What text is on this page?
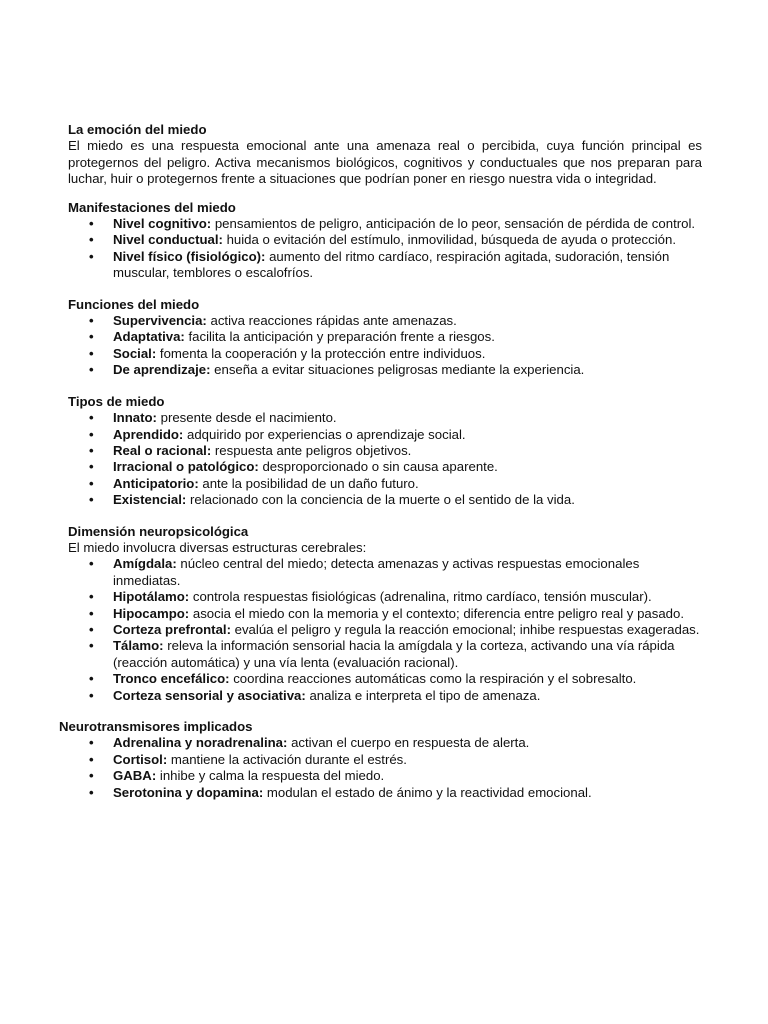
La emoción del miedo

El miedo es una respuesta emocional ante una amenaza real o percibida, cuya función principal es protegernos del peligro. Activa mecanismos biológicos, cognitivos y conductuales que nos preparan para luchar, huir o protegernos frente a situaciones que podrían poner en riesgo nuestra vida o integridad.

Manifestaciones del miedo

• Nivel cognitivo: pensamientos de peligro, anticipación de lo peor, sensación de pérdida de control.
• Nivel conductual: huida o evitación del estímulo, inmovilidad, búsqueda de ayuda o protección.
• Nivel físico (fisiológico): aumento del ritmo cardíaco, respiración agitada, sudoración, tensión muscular, temblores o escalofríos.

Funciones del miedo

• Supervivencia: activa reacciones rápidas ante amenazas.
• Adaptativa: facilita la anticipación y preparación frente a riesgos.
• Social: fomenta la cooperación y la protección entre individuos.
• De aprendizaje: enseña a evitar situaciones peligrosas mediante la experiencia.

Tipos de miedo

• Innato: presente desde el nacimiento.
• Aprendido: adquirido por experiencias o aprendizaje social.
• Real o racional: respuesta ante peligros objetivos.
• Irracional o patológico: desproporcionado o sin causa aparente.
• Anticipatorio: ante la posibilidad de un daño futuro.
• Existencial: relacionado con la conciencia de la muerte o el sentido de la vida.

Dimensión neuropsicológica

El miedo involucra diversas estructuras cerebrales:

• Amígdala: núcleo central del miedo; detecta amenazas y activas respuestas emocionales inmediatas.
• Hipotálamo: controla respuestas fisiológicas (adrenalina, ritmo cardíaco, tensión muscular).
• Hipocampo: asocia el miedo con la memoria y el contexto; diferencia entre peligro real y pasado.
• Corteza prefrontal: evalúa el peligro y regula la reacción emocional; inhibe respuestas exageradas.
• Tálamo: releva la información sensorial hacia la amígdala y la corteza, activando una vía rápida (reacción automática) y una vía lenta (evaluación racional).
• Tronco encefálico: coordina reacciones automáticas como la respiración y el sobresalto.
• Corteza sensorial y asociativa: analiza e interpreta el tipo de amenaza.

Neurotransmisores implicados

• Adrenalina y noradrenalina: activan el cuerpo en respuesta de alerta.
• Cortisol: mantiene la activación durante el estrés.
• GABA: inhibe y calma la respuesta del miedo.
• Serotonina y dopamina: modulan el estado de ánimo y la reactividad emocional.
